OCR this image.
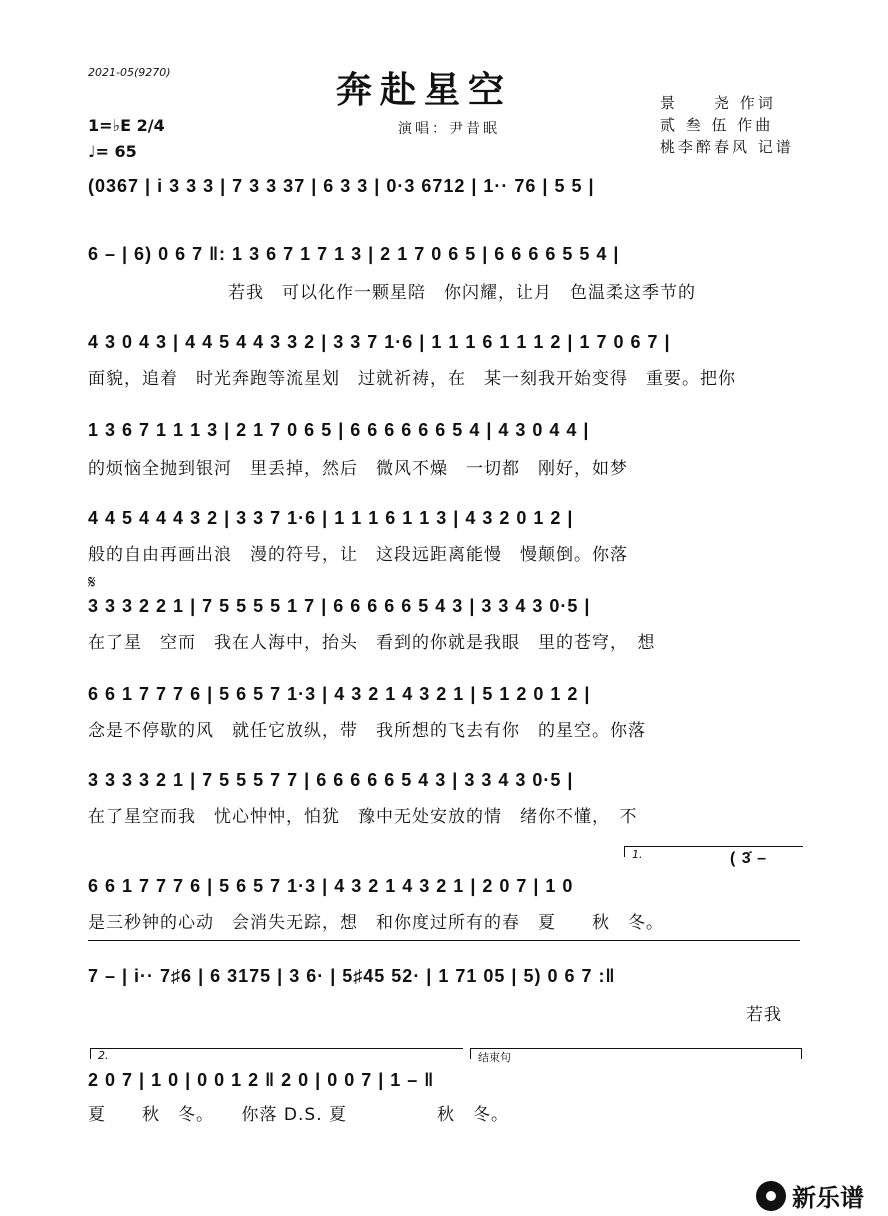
2021-05(9270)	奔赴星空
演唱：尹昔眠
1=♭E 2/4
♩= 65
景　　尧 作词
贰 叁 伍 作曲
桃李醉春风 记谱
(0367 | i 3 3 3 | 7 3 3 37 | 6 3 3 | 0·3 6712 | 1·· 76 | 5 5 |
6 – | 6) 0 6 7 ‖: 1 3 6 7 1 7 1 3 | 2 1 7 0 6 5 | 6 6 6 6 5 5 4 |
若我　可以化作一颗星陪　你闪耀，让月　色温柔这季节的
4 3 0 4 3 | 4 4 5 4 4 3 3 2 | 3 3 7 1·6 | 1 1 1 6 1 1 1 2 | 1 7 0 6 7 |
面貌，追着　时光奔跑等流星划　过就祈祷，在　某一刻我开始变得　重要。把你
1 3 6 7 1 1 1 3 | 2 1 7 0 6 5 | 6 6 6 6 6 6 5 4 | 4 3 0 4 4 |
的烦恼全抛到银河　里丢掉，然后　微风不燥　一切都　刚好，如梦
4 4 5 4 4 4 3 2 | 3 3 7 1·6 | 1 1 1 6 1 1 3 | 4 3 2 0 1 2 |
般的自由再画出浪　漫的符号，让　这段远距离能慢　慢颠倒。你落
𝄋
3 3 3 2 2 1 | 7 5 5 5 5 1 7 | 6 6 6 6 6 5 4 3 | 3 3 4 3 0·5 |
在了星　空而　我在人海中，抬头　看到的你就是我眼　里的苍穹，　想
6 6 1 7 7 7 6 | 5 6 5 7 1·3 | 4 3 2 1 4 3 2 1 | 5 1 2 0 1 2 |
念是不停歇的风　就任它放纵，带　我所想的飞去有你　的星空。你落
3 3 3 3 2 1 | 7 5 5 5 7 7 | 6 6 6 6 6 5 4 3 | 3 3 4 3 0·5 |
在了星空而我　忧心忡忡，怕犹　豫中无处安放的情　绪你不懂，　不
1.	( 3̇ –
6 6 1 7 7 7 6 | 5 6 5 7 1·3 | 4 3 2 1 4 3 2 1 | 2 0 7 | 1 0
是三秒钟的心动　会消失无踪，想　和你度过所有的春　夏　　秋　冬。
7 – | i·· 7♯6 | 6 3175 | 3 6· | 5♯45 52· | 1 71 05 | 5) 0 6 7 :‖
若我
2.	结束句
2 0 7 | 1 0 | 0 0 1 2 ‖ 2 0 | 0 0 7 | 1 – ‖
夏　　秋　冬。　　你落 D.S. 夏　　　　　秋　冬。
新乐谱
